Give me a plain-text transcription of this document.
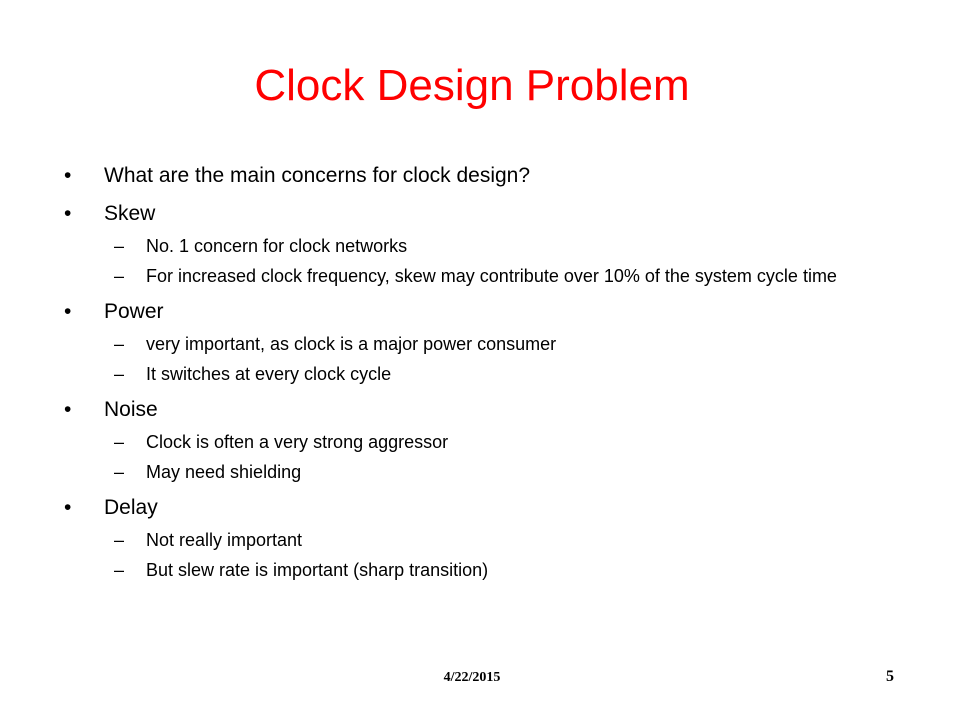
Clock Design Problem
•	What are the main concerns for clock design?
•	Skew
– No. 1 concern for clock networks
– For increased clock frequency, skew may contribute over 10% of the system cycle time
•	Power
– very important, as clock is a major power consumer
– It switches at every clock cycle
•	Noise
– Clock is often a very strong aggressor
– May need shielding
•	Delay
– Not really important
– But slew rate is important (sharp transition)
4/22/2015	5
